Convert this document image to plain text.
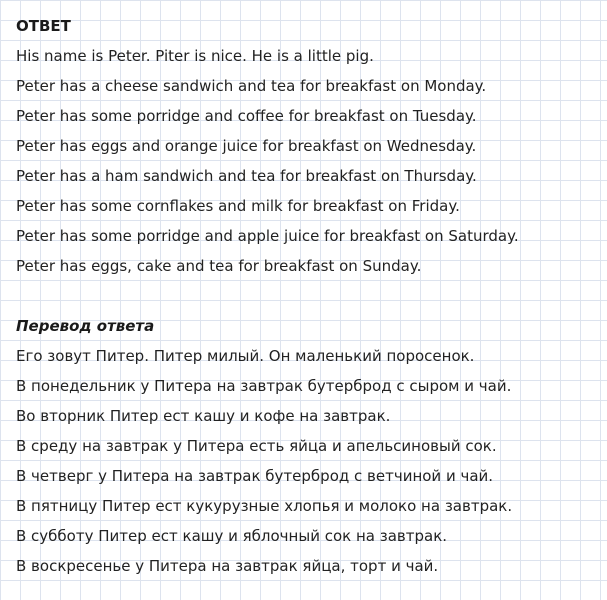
ОТВЕТ
His name is Peter. Piter is nice. He is a little pig.
Peter has a cheese sandwich and tea for breakfast on Monday.
Peter has some porridge and coffee for breakfast on Tuesday.
Peter has eggs and orange juice for breakfast on Wednesday.
Peter has a ham sandwich and tea for breakfast on Thursday.
Peter has some cornflakes and milk for breakfast on Friday.
Peter has some porridge and apple juice for breakfast on Saturday.
Peter has eggs, cake and tea for breakfast on Sunday.
Перевод ответа
Его зовут Питер. Питер милый. Он маленький поросенок.
В понедельник у Питера на завтрак бутерброд с сыром и чай.
Во вторник Питер ест кашу и кофе на завтрак.
В среду на завтрак у Питера есть яйца и апельсиновый сок.
В четверг у Питера на завтрак бутерброд с ветчиной и чай.
В пятницу Питер ест кукурузные хлопья и молоко на завтрак.
В субботу Питер ест кашу и яблочный сок на завтрак.
В воскресенье у Питера на завтрак яйца, торт и чай.
